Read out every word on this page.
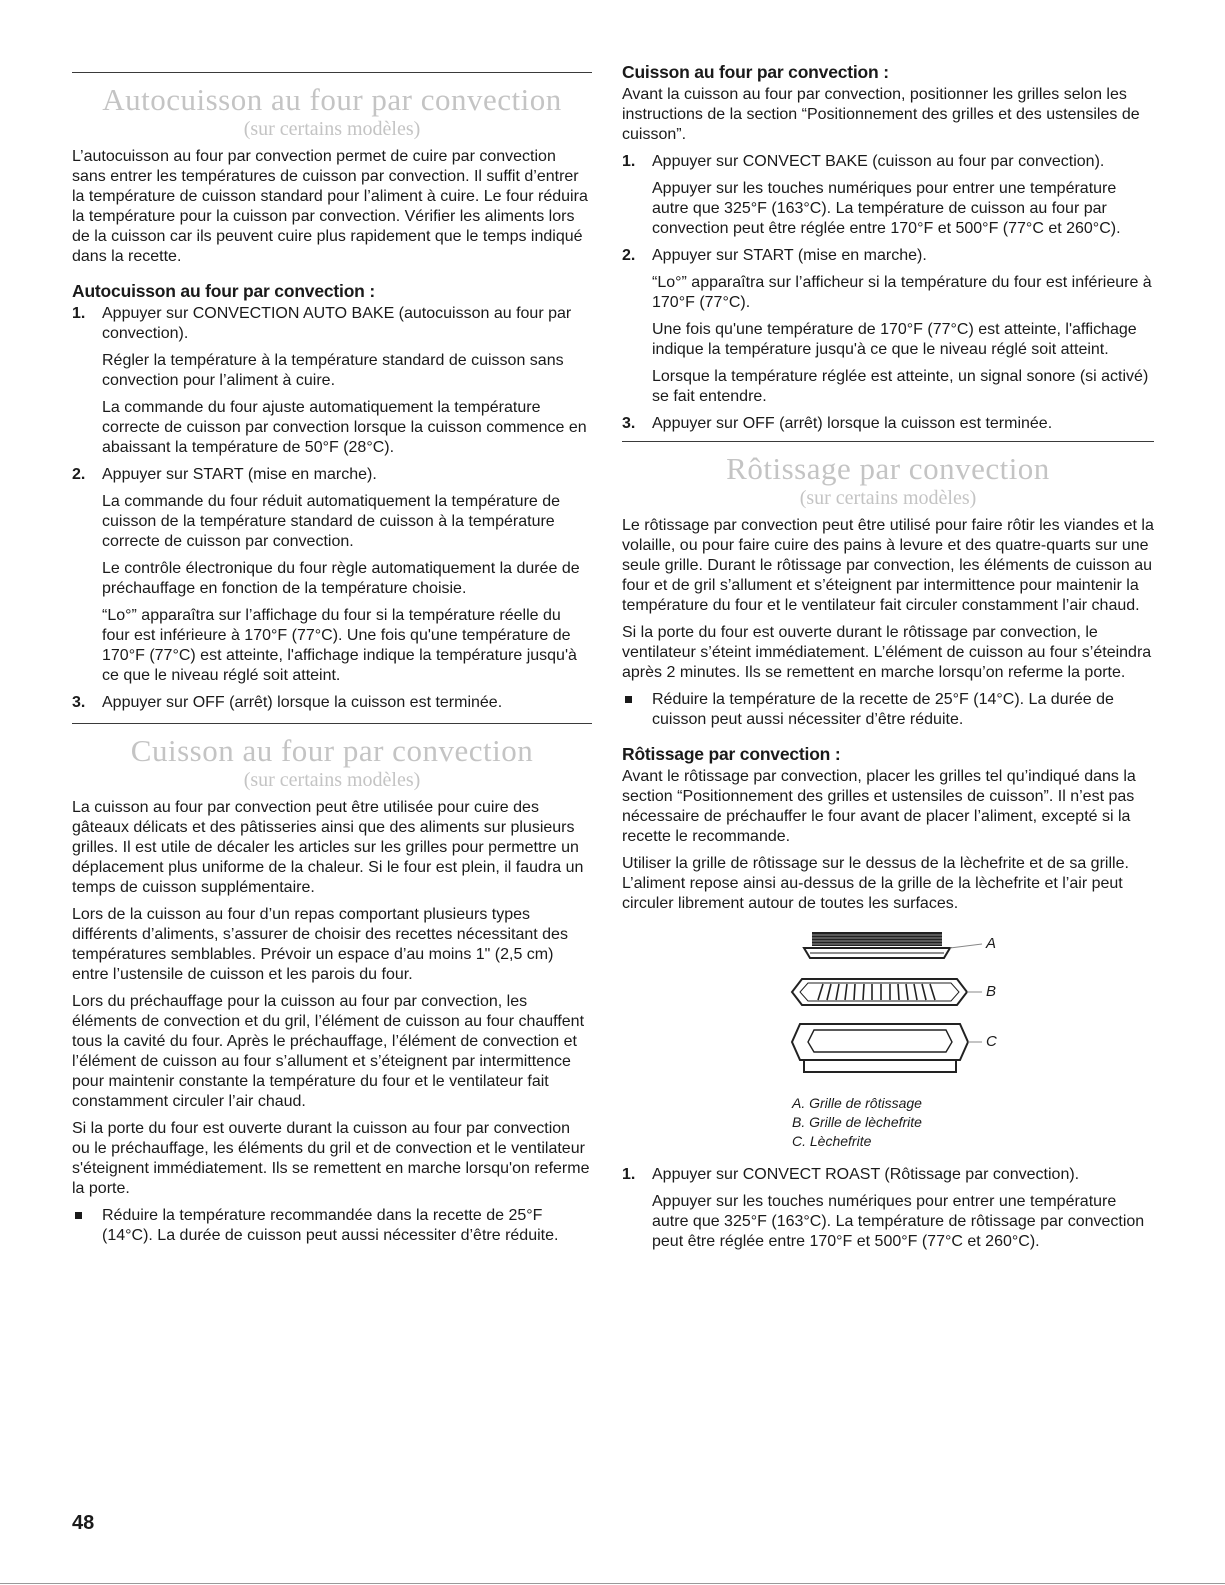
Autocuisson au four par convection
(sur certains modèles)

L’autocuisson au four par convection permet de cuire par convection sans entrer les températures de cuisson par convection. Il suffit d’entrer la température de cuisson standard pour l’aliment à cuire. Le four réduira la température pour la cuisson par convection. Vérifier les aliments lors de la cuisson car ils peuvent cuire plus rapidement que le temps indiqué dans la recette.

Autocuisson au four par convection :
1. Appuyer sur CONVECTION AUTO BAKE (autocuisson au four par convection).

Régler la température à la température standard de cuisson sans convection pour l’aliment à cuire.

La commande du four ajuste automatiquement la température correcte de cuisson par convection lorsque la cuisson commence en abaissant la température de 50°F (28°C).

2. Appuyer sur START (mise en marche).

La commande du four réduit automatiquement la température de cuisson de la température standard de cuisson à la température correcte de cuisson par convection.

Le contrôle électronique du four règle automatiquement la durée de préchauffage en fonction de la température choisie.

“Lo°” apparaîtra sur l’affichage du four si la température réelle du four est inférieure à 170°F (77°C). Une fois qu'une température de 170°F (77°C) est atteinte, l'affichage indique la température jusqu'à ce que le niveau réglé soit atteint.

3. Appuyer sur OFF (arrêt) lorsque la cuisson est terminée.

Cuisson au four par convection
(sur certains modèles)

La cuisson au four par convection peut être utilisée pour cuire des gâteaux délicats et des pâtisseries ainsi que des aliments sur plusieurs grilles. Il est utile de décaler les articles sur les grilles pour permettre un déplacement plus uniforme de la chaleur. Si le four est plein, il faudra un temps de cuisson supplémentaire.

Lors de la cuisson au four d’un repas comportant plusieurs types différents d’aliments, s’assurer de choisir des recettes nécessitant des températures semblables. Prévoir un espace d’au moins 1" (2,5 cm) entre l’ustensile de cuisson et les parois du four.

Lors du préchauffage pour la cuisson au four par convection, les éléments de convection et du gril, l’élément de cuisson au four chauffent tous la cavité du four. Après le préchauffage, l’élément de convection et l’élément de cuisson au four s’allument et s’éteignent par intermittence pour maintenir constante la température du four et le ventilateur fait constamment circuler l’air chaud.

Si la porte du four est ouverte durant la cuisson au four par convection ou le préchauffage, les éléments du gril et de convection et le ventilateur s'éteignent immédiatement. Ils se remettent en marche lorsqu'on referme la porte.

Réduire la température recommandée dans la recette de 25°F (14°C). La durée de cuisson peut aussi nécessiter d’être réduite.

Cuisson au four par convection :

Avant la cuisson au four par convection, positionner les grilles selon les instructions de la section “Positionnement des grilles et des ustensiles de cuisson”.

1. Appuyer sur CONVECT BAKE (cuisson au four par convection).

Appuyer sur les touches numériques pour entrer une température autre que 325°F (163°C). La température de cuisson au four par convection peut être réglée entre 170°F et 500°F (77°C et 260°C).

2. Appuyer sur START (mise en marche).

“Lo°” apparaîtra sur l’afficheur si la température du four est inférieure à 170°F (77°C).

Une fois qu'une température de 170°F (77°C) est atteinte, l'affichage indique la température jusqu'à ce que le niveau réglé soit atteint.

Lorsque la température réglée est atteinte, un signal sonore (si activé) se fait entendre.

3. Appuyer sur OFF (arrêt) lorsque la cuisson est terminée.

Rôtissage par convection
(sur certains modèles)

Le rôtissage par convection peut être utilisé pour faire rôtir les viandes et la volaille, ou pour faire cuire des pains à levure et des quatre-quarts sur une seule grille. Durant le rôtissage par convection, les éléments de cuisson au four et de gril s’allument et s’éteignent par intermittence pour maintenir la température du four et le ventilateur fait circuler constamment l’air chaud.

Si la porte du four est ouverte durant le rôtissage par convection, le ventilateur s’éteint immédiatement. L’élément de cuisson au four s’éteindra après 2 minutes. Ils se remettent en marche lorsqu’on referme la porte.

Réduire la température de la recette de 25°F (14°C). La durée de cuisson peut aussi nécessiter d’être réduite.

Rôtissage par convection :

Avant le rôtissage par convection, placer les grilles tel qu’indiqué dans la section “Positionnement des grilles et ustensiles de cuisson”. Il n’est pas nécessaire de préchauffer le four avant de placer l’aliment, excepté si la recette le recommande.

Utiliser la grille de rôtissage sur le dessus de la lèchefrite et de sa grille. L’aliment repose ainsi au-dessus de la grille de la lèchefrite et l’air peut circuler librement autour de toutes les surfaces.

A
B
C
A. Grille de rôtissage
B. Grille de lèchefrite
C. Lèchefrite
1. Appuyer sur CONVECT ROAST (Rôtissage par convection).

Appuyer sur les touches numériques pour entrer une température autre que 325°F (163°C). La température de rôtissage par convection peut être réglée entre 170°F et 500°F (77°C et 260°C).

48
